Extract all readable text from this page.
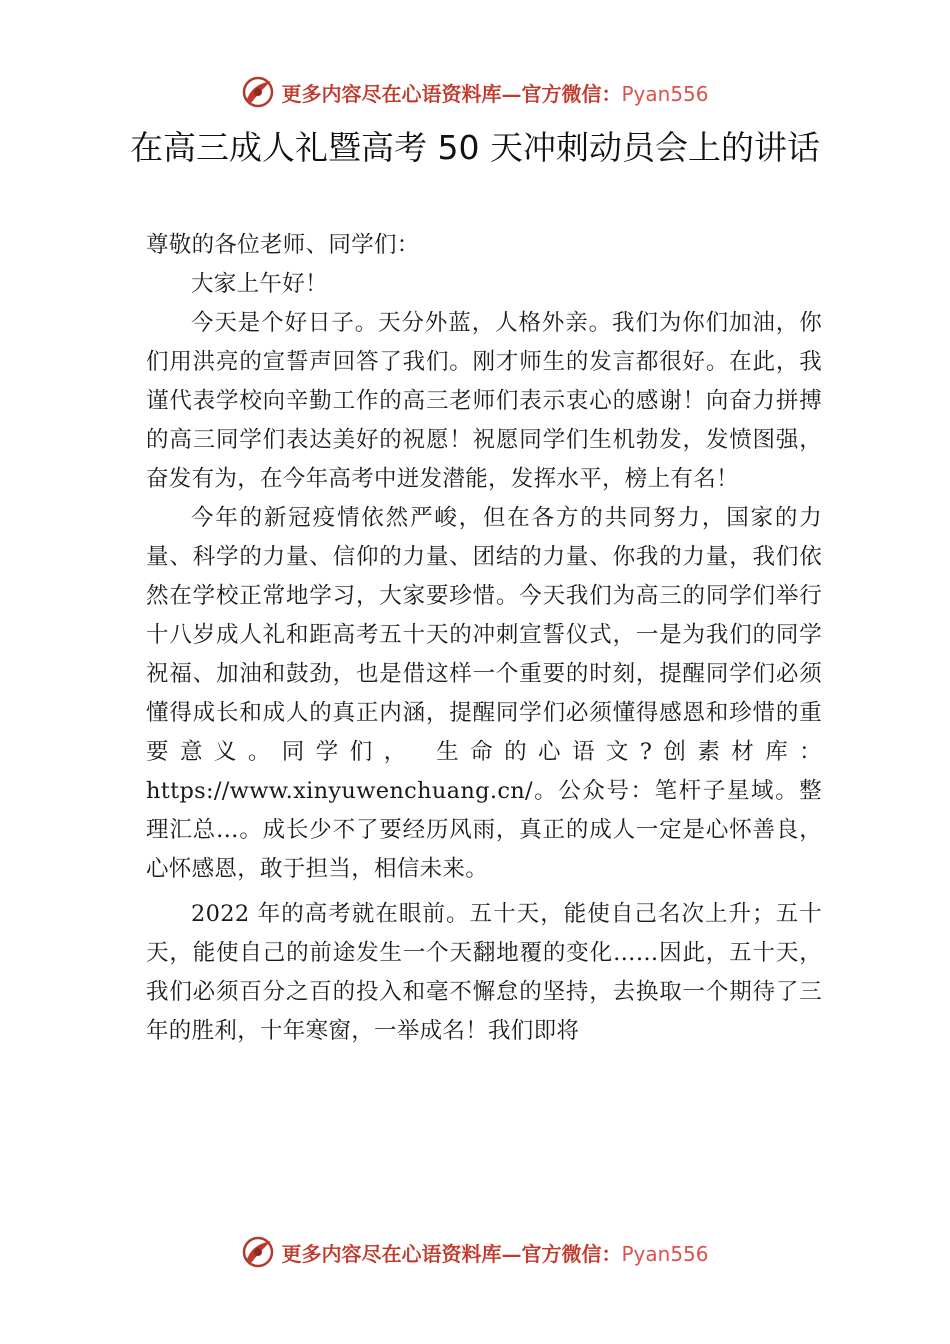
更多内容尽在心语资料库—官方微信：Pyan556
在高三成人礼暨高考 50 天冲刺动员会上的讲话

尊敬的各位老师、同学们：

大家上午好！

今天是个好日子。天分外蓝，人格外亲。我们为你们加油，你们用洪亮的宣誓声回答了我们。刚才师生的发言都很好。在此，我谨代表学校向辛勤工作的高三老师们表示衷心的感谢！向奋力拼搏的高三同学们表达美好的祝愿！祝愿同学们生机勃发，发愤图强，奋发有为，在今年高考中迸发潜能，发挥水平，榜上有名！

今年的新冠疫情依然严峻，但在各方的共同努力，国家的力量、科学的力量、信仰的力量、团结的力量、你我的力量，我们依然在学校正常地学习，大家要珍惜。今天我们为高三的同学们举行十八岁成人礼和距高考五十天的冲刺宣誓仪式，一是为我们的同学祝福、加油和鼓劲，也是借这样一个重要的时刻，提醒同学们必须懂得成长和成人的真正内涵，提醒同学们必须懂得感恩和珍惜的重要意义。同学们， 生命的心语文?创素材库：https://www.xinyuwenchuang.cn/。公众号：笔杆子星域。整理汇总…。成长少不了要经历风雨，真正的成人一定是心怀善良， 心怀感恩，敢于担当，相信未来。

2022 年的高考就在眼前。五十天，能使自己名次上升；五十天，能使自己的前途发生一个天翻地覆的变化……因此，五十天，我们必须百分之百的投入和毫不懈怠的坚持，去换取一个期待了三年的胜利，十年寒窗，一举成名！我们即将

更多内容尽在心语资料库—官方微信：Pyan556
